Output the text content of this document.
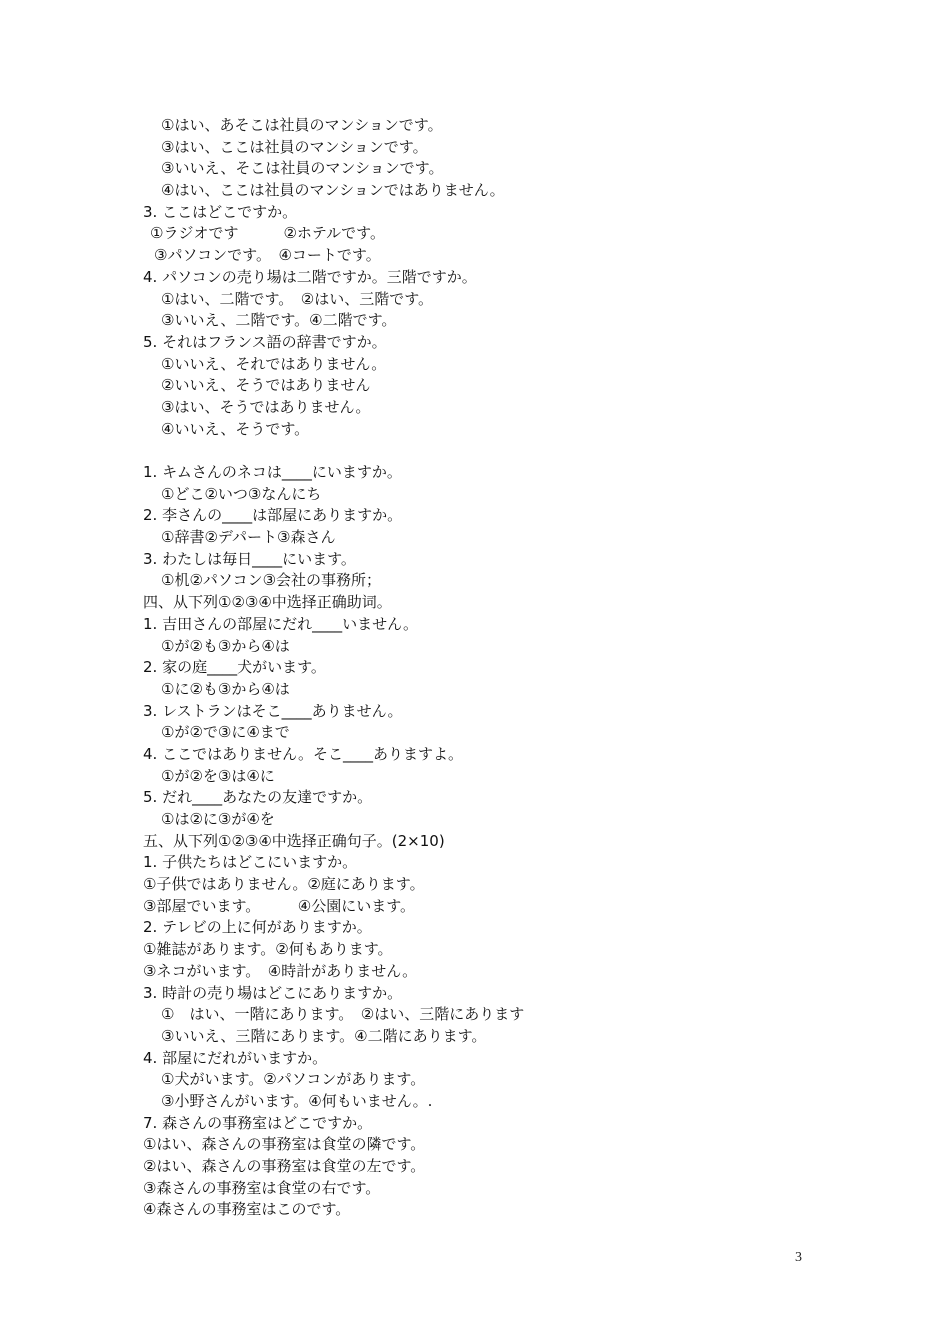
①はい、あそこは社員のマンションです。
③はい、ここは社員のマンションです。
③いいえ、そこは社員のマンションです。
④はい、ここは社員のマンションではありません。
3. ここはどこですか。
①ラジオです　　　②ホテルです。
③パソコンです。　④コートです。
4. パソコンの売り場は二階ですか。三階ですか。
①はい、二階です。　②はい、三階です。
③いいえ、二階です。④二階です。
5. それはフランス語の辞書ですか。
①いいえ、それではありません。
②いいえ、そうではありません
③はい、そうではありません。
④いいえ、そうです。
1. キムさんのネコは____にいますか。
①どこ②いつ③なんにち
2. 李さんの____は部屋にありますか。
①辞書②デパート③森さん
3. わたしは毎日____にいます。
①机②パソコン③会社の事務所；
四、从下列①②③④中选择正确助词。
1. 吉田さんの部屋にだれ____いません。
①が②も③から④は
2. 家の庭____犬がいます。
①に②も③から④は
3. レストランはそこ____ありません。
①が②で③に④まで
4. ここではありません。そこ____ありますよ。
①が②を③は④に
5. だれ____あなたの友達ですか。
①は②に③が④を
五、从下列①②③④中选择正确句子。(2×10)
1. 子供たちはどこにいますか。
①子供ではありません。②庭にあります。
③部屋でいます。　　　④公園にいます。
2. テレビの上に何がありますか。
①雑誌があります。②何もあります。
③ネコがいます。　④時計がありません。
3. 時計の売り場はどこにありますか。
①　はい、一階にあります。　②はい、三階にあります
③いいえ、三階にあります。④二階にあります。
4. 部屋にだれがいますか。
①犬がいます。②パソコンがあります。
③小野さんがいます。④何もいません。.
7. 森さんの事務室はどこですか。
①はい、森さんの事務室は食堂の隣です。
②はい、森さんの事務室は食堂の左です。
③森さんの事務室は食堂の右です。
④森さんの事務室はこのです。
3
